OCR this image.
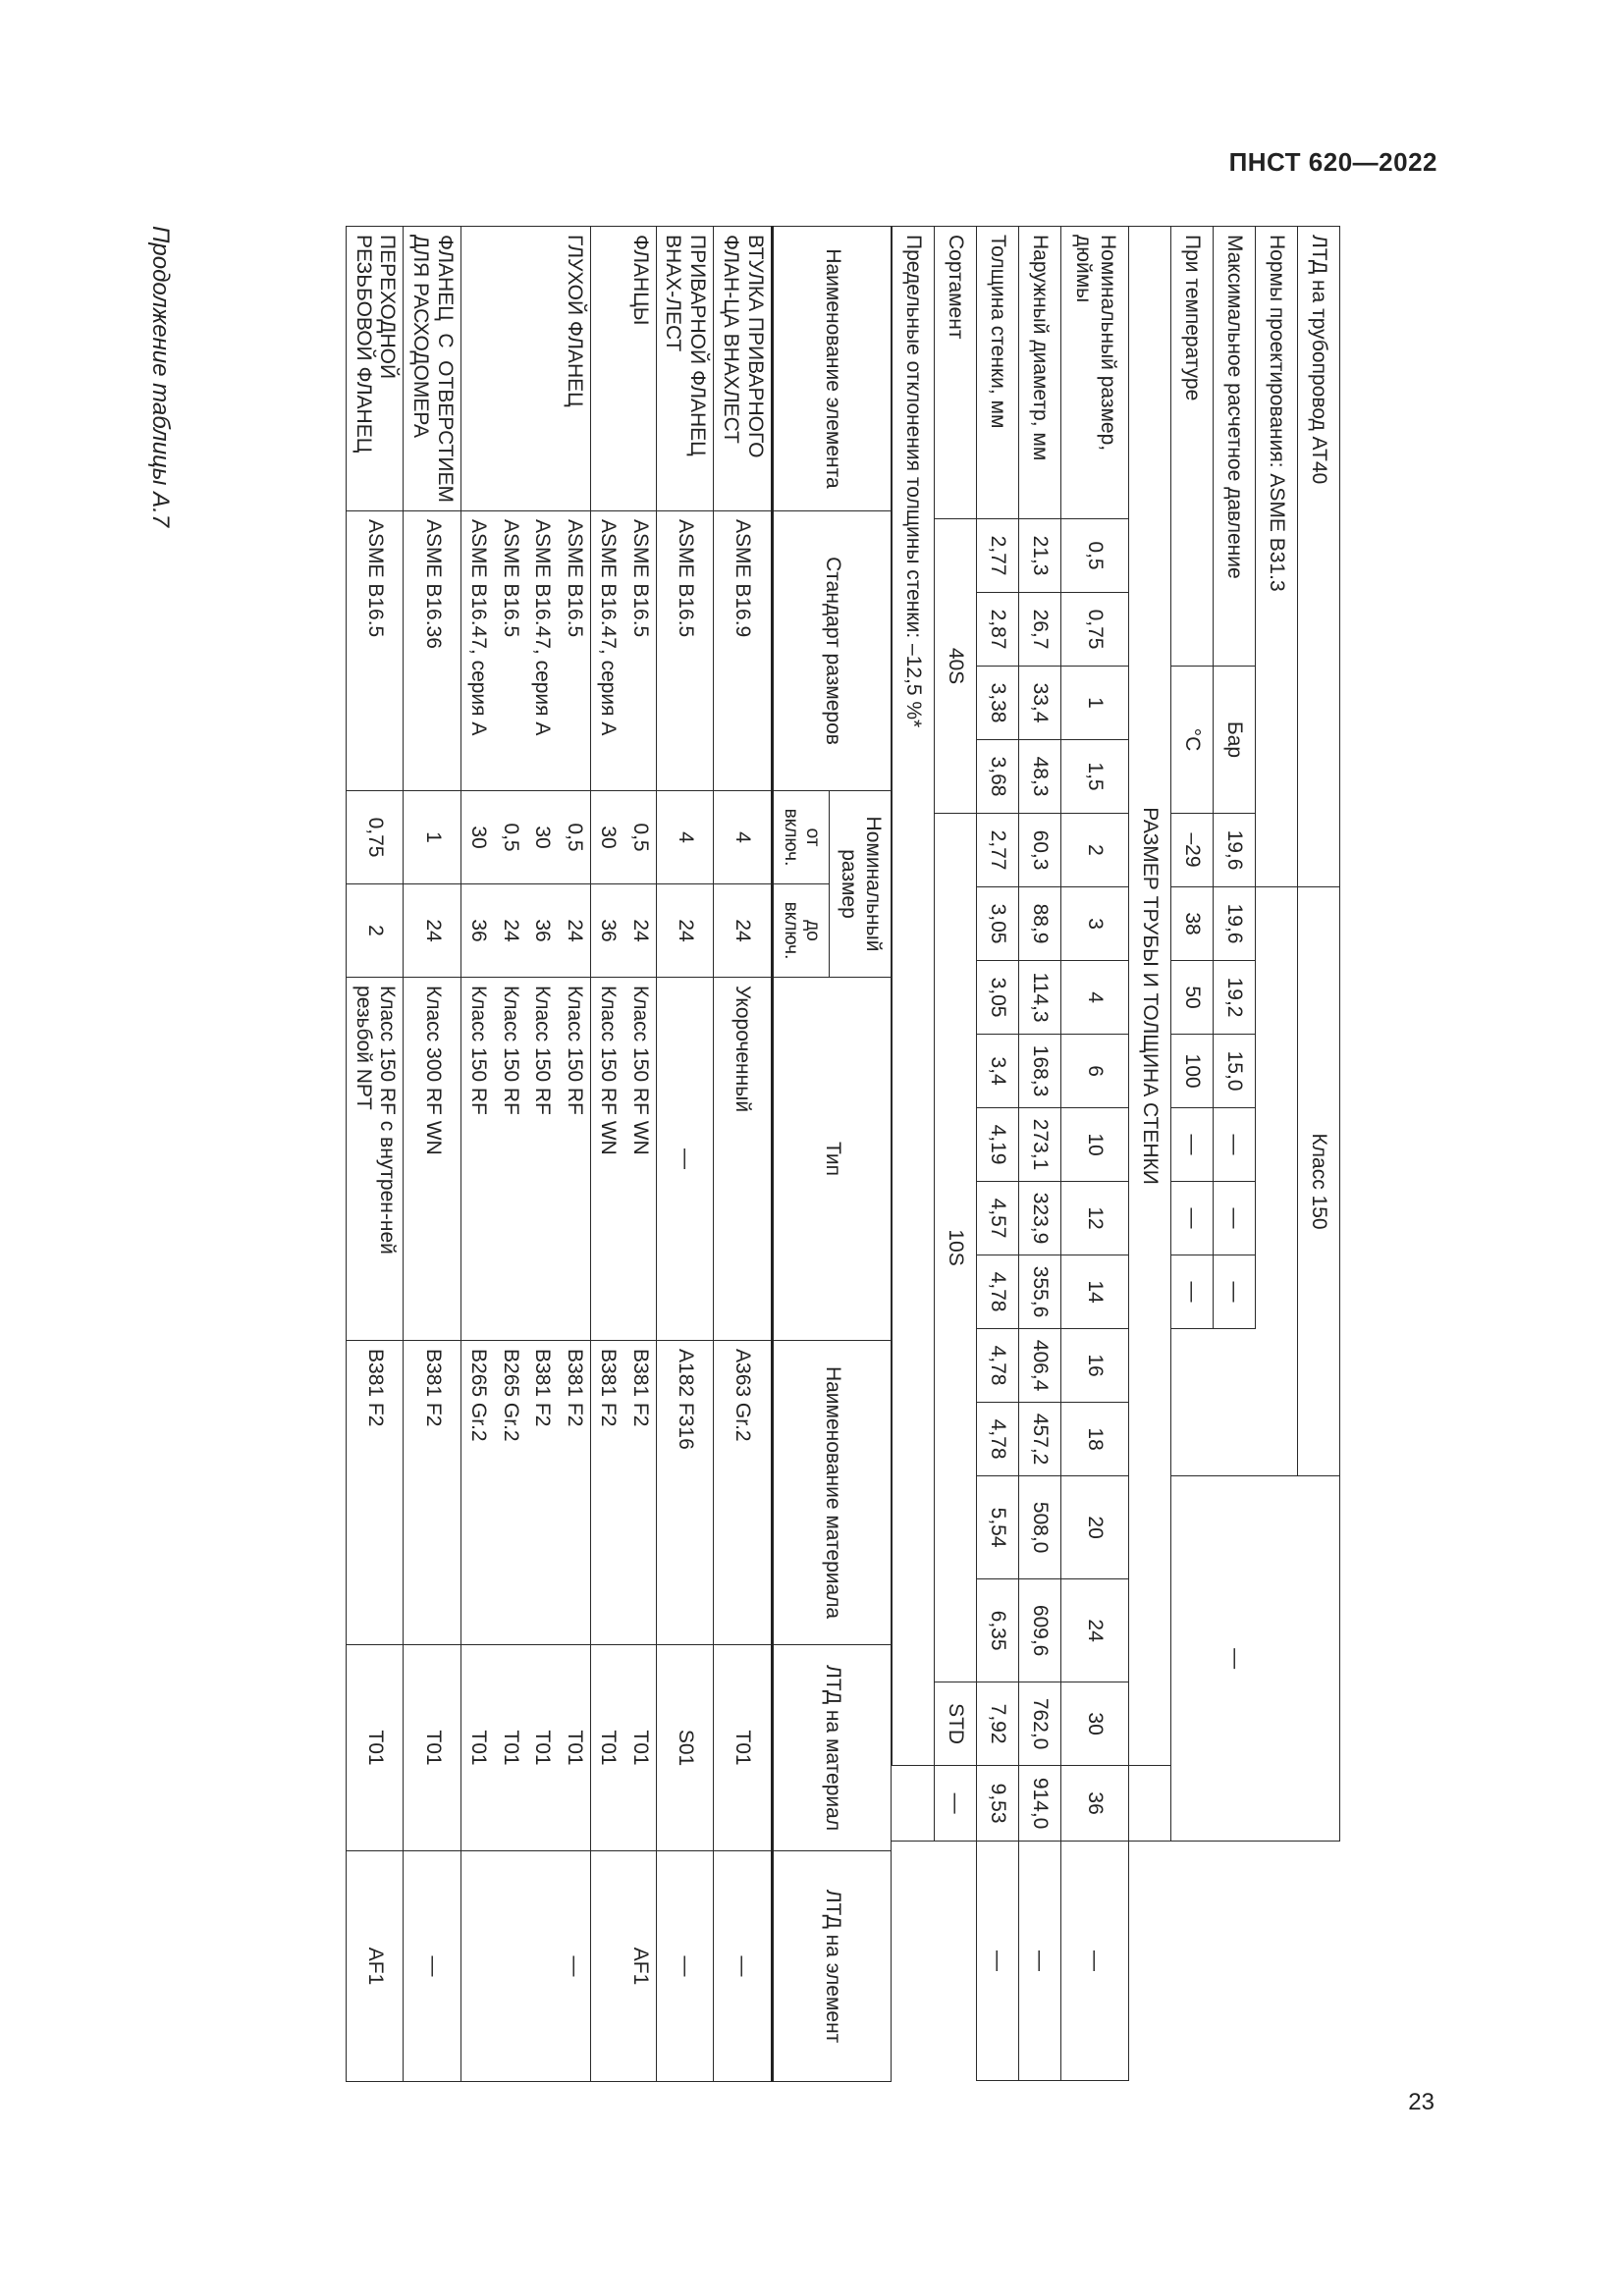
ПНСТ 620—2022
23
Продолжение таблицы А.7	ЛТД на трубопровод AT40						Класс 150												
Нормы проектирования: ASME B31.3														—				
Максимальное расчетное давление			Бар		19,6	19,6	19,2	15,0	—	—	—							
При температуре			°C		–29	38	50	100	—	—	—							
РАЗМЕР ТРУБЫ И ТОЛЩИНА СТЕНКИ																		
Номинальный размер, дюймы	0,5	0,75	1	1,5	2	3	4	6	10	12	14	16	18	20	24	30	36	—
Наружный диаметр, мм	21,3	26,7	33,4	48,3	60,3	88,9	114,3	168,3	273,1	323,9	355,6	406,4	457,2	508,0	609,6	762,0	914,0	—
Толщина стенки, мм	2,77	2,87	3,38	3,68	2,77	3,05	3,05	3,4	4,19	4,57	4,78	4,78	4,78	5,54	6,35	7,92	9,53	—
Сортамент	40S				10S											STD	—	
Предельные отклонения толщины стенки: –12,5 %*																		
Наименование элемента	Стандарт размеров	Номинальный размер		Тип	Наименование материала	ЛТД на материал	ЛТД на элемент
		от включ.	до включ.				
ВТУЛКА ПРИВАРНОГО ФЛАН-ЦА ВНАХЛЕСТ	ASME B16.9	4	24	Укороченный	A363 Gr.2	T01	—
ПРИВАРНОЙ ФЛАНЕЦ ВНАХ-ЛЕСТ	ASME B16.5	4	24	—	A182 F316	S01	—
ФЛАНЦЫ	ASME B16.5	0,5	24	Класс 150 RF WN	B381 F2	T01	AF1
	ASME B16.47, серия А	30	36	Класс 150 RF WN	B381 F2	T01	
ГЛУХОЙ ФЛАНЕЦ	ASME B16.5	0,5	24	Класс 150 RF	B381 F2	T01	—
	ASME B16.47, серия А	30	36	Класс 150 RF	B381 F2	T01	
	ASME B16.5	0,5	24	Класс 150 RF	B265 Gr.2	T01	
	ASME B16.47, серия А	30	36	Класс 150 RF	B265 Gr.2	T01	
ФЛАНЕЦ С ОТВЕРСТИЕМ ДЛЯ РАСХОДОМЕРА	ASME B16.36	1	24	Класс 300 RF WN	B381 F2	T01	—
ПЕРЕХОДНОЙ РЕЗЬБОВОЙ ФЛАНЕЦ	ASME B16.5	0,75	2	Класс 150 RF с внутрен-ней резьбой NPT	B381 F2	T01	AF1
